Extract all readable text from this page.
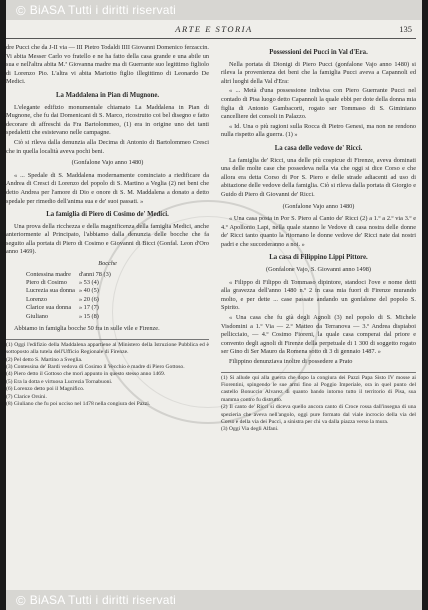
© BiASA Tutti i diritti riservati
ARTE E STORIA	135

dre Pucci che da J-II via — III Pietro Todaldi IIII Giovanni Domenico ferzaccin. Vi abita Messer Carlo vo fratello e ne ha fatto della casa grande e una abile un sua e nell'altra abita M.ª Giovanna madre ma di Guerrante suo legittimo figliolo di Lorenzo Pio. L'altra vi abita Mariotto figlio illegittimo di Leonardo De Medici.

La Maddalena in Pian di Mugnone.

L'elegante edifizio monumentale chiamato La Maddalena in Pian di Mugnone, che fu dai Domenicani di S. Marco, ricostruito coi bel disegno e fatto decorare di affreschi da Fra Bartolommeo, (1) era in origine uno dei tanti spedaletti che esistevano nelle campagne.

Ciò si rileva dalla denunzia alla Decima di Antonio di Bartolommeo Cresci che in quella località aveva pochi beni.

(Gonfalone Vajo anno 1480)

« ... Spedale di S. Maddalena modernamente cominciato a riedificare da Andrea di Cresci di Lorenzo del popolo di S. Martino a Veglia (2) nei beni che detto Andrea per l'amore di Dio e onore di S. M. Maddalena a donato a detto spedale per rimedio dell'anima sua e de' suoi passati. »

La famiglia di Piero di Cosimo de' Medici.

Una prova della ricchezza e della magnificenza della famiglia Medici, anche anteriormente al Principato, l'abbiamo dalla denunzia delle bocche che fa seguito alla portata di Piero di Cosimo e Giovanni di Bicci (Gonfal. Leon d'Oro anno 1469).

Bocche
Contessina madre	d'anni 78 (3)
Piero di Cosimo	» 53 (4)
Lucrezia sua donna	» 40 (5)
Lorenzo	» 20 (6)
Clarice sua donna	» 17 (7)
Giuliano	» 15 (8)

Abbiamo in famiglia bocche 50 fra in sulle vile e Firenze.

(1) Oggi l'edifizio della Maddalena appartiene al Ministero della Istruzione Pubblica ed è sottoposto alla tutela dell'Ufficio Regionale di Firenze.
(2) Pel detto S. Martino a Sveglia.
(3) Contessina de' Bardi vedova di Cosimo il Vecchio e madre di Piero Gottoso.
(4) Piero detto il Gottoso che morì appunto in questo stesso anno 1469.
(5) Era la dotta e virtuosa Lucrezia Tornabuoni.
(6) Lorenzo detto poi il Magnifico.
(7) Clarice Orsini.
(8) Giuliano che fu poi ucciso nel 1478 nella congiura dei Pazzi.
Possessioni dei Pucci in Val d'Era.

Nella portata di Dionigi di Piero Pucci (gonfalone Vajo anno 1480) si rileva la provenienza dei beni che la famiglia Pucci aveva a Capannoli ed altri luoghi della Val d'Era:

« ... Metà d'una possessione indivisa con Piero Guerrante Pucci nel contado di Pisa luogo detto Capannoli la quale ebbi per dote della donna mia figlia di Antonio Gambacorti, rogato ser Tommaso di S. Giminiano cancelliere dei consoli in Palazzo.

« Id. Una o più ragioni sulla Rocca di Pietro Genesi, ma non ne rendono nulla rispetto alla guerra. (1) »

La casa delle vedove de' Ricci.

La famiglia de' Ricci, una delle più cospicue di Firenze, aveva dominati una delle molte case che possedeva nella via che oggi si dice Corso e che allora era detta Corso di Por S. Piero e delle strade adiacenti ad uso di abitazione delle vedove della famiglia. Ciò si rileva dalla portata di Giorgio e Guido di Piero di Giovanni de' Ricci.

(Gonfalone Vajo anno 1480)

« Una casa posta in Por S. Piero al Canto de' Ricci (2) a 1.º a 2.º via 3.º e 4.º Apollonio Lapi, nella quale stanno le Vedove di casa nostra delle donne de' Ricci tanto quanto la ritornano le donne vedove de' Ricci nate dai nostri padri e che succederanno a noi. »

La casa di Filippino Lippi Pittore.
(Gonfalone Vajo, S. Giovanni anno 1498)

« Filippo di Filippo di Tommaso dipintore, standoci l'ove e nome detti alla gravezza dell'anno 1480 n.º 2 in casa mia fuori di Firenze murando molto, e per dette ... case passate andando un gonfalone del popolo S. Spirito.

« Una casa che fu già degli Agnoli (3) nel popolo di S. Michele Visdomini a 1.º Via — 2.º Matteo da Terranova — 3.º Andrea dispiaboi pellicciaio, — 4.º Cosimo Fioreni, la quale casa comperai dal priore e convento degli agnoli di Firenze della perpetuale di 1 300 di soggetto rogato ser Gino di Ser Mauro da Romena sotto di 3 di gennaio 1487. »

Filippino denunziava inoltre di possedere a Prato

(1) Si allude qui alla guerra che dopo la congiura dei Pazzi Papa Sisto IV mosse ai Fiorentini, spingendo le sue armi fino al Poggio Imperiale, ora in quel punto del castello Bonuccio Alvarez di quanto bando intorno tutto il territorio di Pisa, sua mamma contro fu distrutto.
(2) Il canto de' Ricci si diceva quello ancora canto di Croce rossa dall'insegna di una spezieria che aveva nell'angolo, oggi pure formato dal viale incrocio della via del Corso e della via dei Pucci, a sinistra per chi va dalla piazza verso la mura.
(3) Oggi Via degli Alfani.
© BiASA Tutti i diritti riservati
